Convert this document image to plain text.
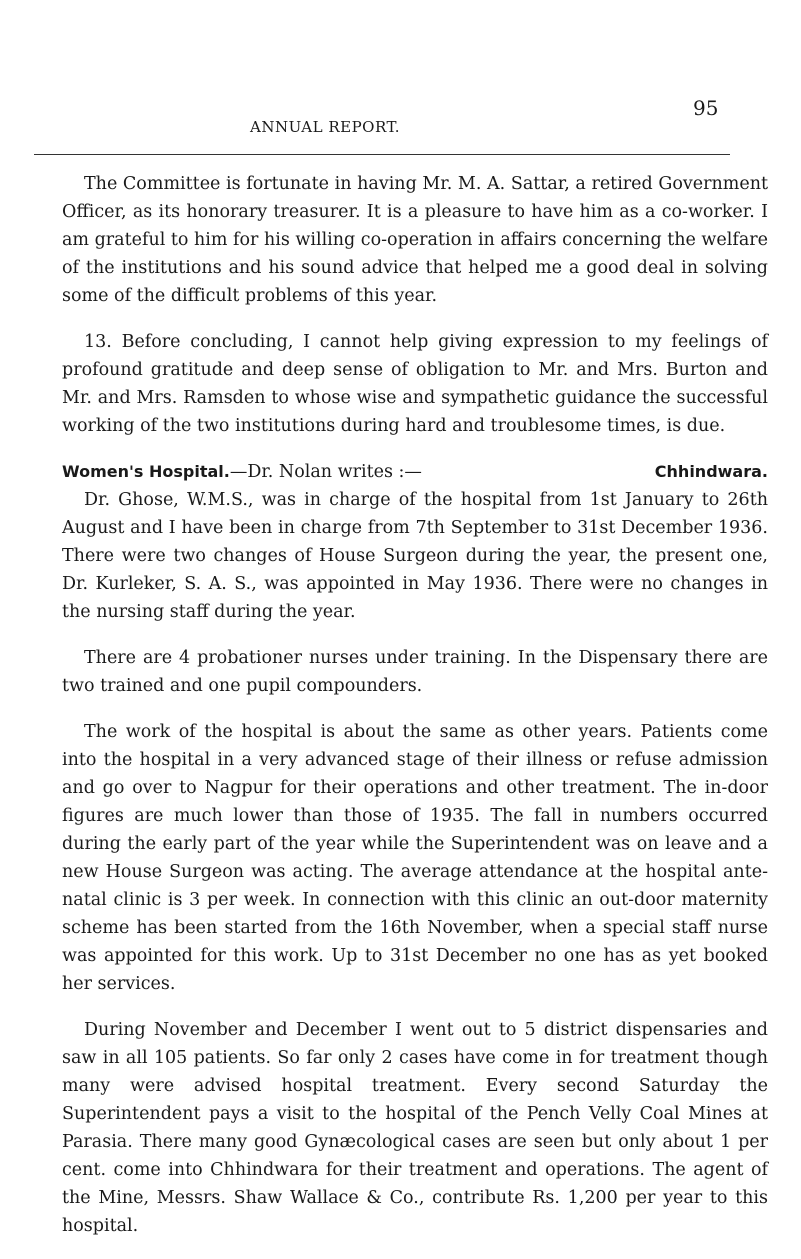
ANNUAL REPORT.
95

The Committee is fortunate in having Mr. M. A. Sattar, a retired Government Officer, as its honorary treasurer. It is a pleasure to have him as a co-worker. I am grateful to him for his willing co-operation in affairs concerning the welfare of the institutions and his sound advice that helped me a good deal in solving some of the difficult problems of this year.

13. Before concluding, I cannot help giving expression to my feelings of profound gratitude and deep sense of obligation to Mr. and Mrs. Burton and Mr. and Mrs. Ramsden to whose wise and sympathetic guidance the successful working of the two institutions during hard and troublesome times, is due.

Women's Hospital.—Dr. Nolan writes :—	Chhindwara.

Dr. Ghose, W.M.S., was in charge of the hospital from 1st January to 26th August and I have been in charge from 7th September to 31st December 1936. There were two changes of House Surgeon during the year, the present one, Dr. Kurleker, S. A. S., was appointed in May 1936. There were no changes in the nursing staff during the year.

There are 4 probationer nurses under training. In the Dispensary there are two trained and one pupil compounders.

The work of the hospital is about the same as other years. Patients come into the hospital in a very advanced stage of their illness or refuse admission and go over to Nagpur for their operations and other treatment. The in-door figures are much lower than those of 1935. The fall in numbers occurred during the early part of the year while the Superintendent was on leave and a new House Surgeon was acting. The average attendance at the hospital ante-natal clinic is 3 per week. In connection with this clinic an out-door maternity scheme has been started from the 16th November, when a special staff nurse was appointed for this work. Up to 31st December no one has as yet booked her services.

During November and December I went out to 5 district dispensaries and saw in all 105 patients. So far only 2 cases have come in for treatment though many were advised hospital treatment. Every second Saturday the Superintendent pays a visit to the hospital of the Pench Velly Coal Mines at Parasia. There many good Gynæcological cases are seen but only about 1 per cent. come into Chhindwara for their treatment and operations. The agent of the Mine, Messrs. Shaw Wallace & Co., contribute Rs. 1,200 per year to this hospital.
